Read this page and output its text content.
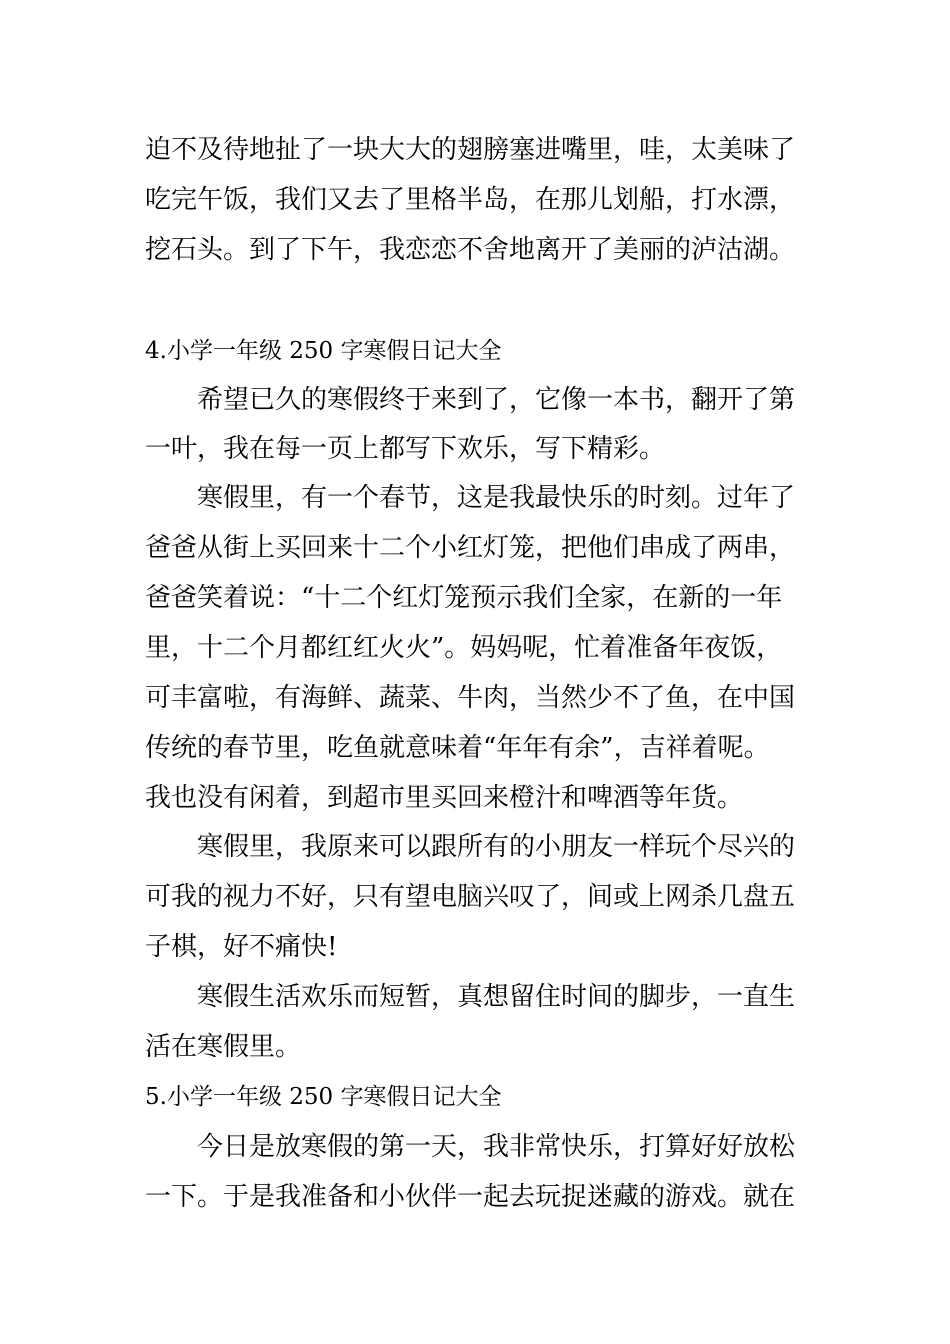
迫不及待地扯了一块大大的翅膀塞进嘴里，哇，太美味了
吃完午饭，我们又去了里格半岛，在那儿划船，打水漂，
挖石头。到了下午，我恋恋不舍地离开了美丽的泸沽湖。
4.小学一年级 250 字寒假日记大全
希望已久的寒假终于来到了，它像一本书，翻开了第
一叶，我在每一页上都写下欢乐，写下精彩。
寒假里，有一个春节，这是我最快乐的时刻。过年了
爸爸从街上买回来十二个小红灯笼，把他们串成了两串，
爸爸笑着说：“十二个红灯笼预示我们全家，在新的一年
里，十二个月都红红火火”。妈妈呢，忙着准备年夜饭，
可丰富啦，有海鲜、蔬菜、牛肉，当然少不了鱼，在中国
传统的春节里，吃鱼就意味着“年年有余”，吉祥着呢。
我也没有闲着，到超市里买回来橙汁和啤酒等年货。
寒假里，我原来可以跟所有的小朋友一样玩个尽兴的
可我的视力不好，只有望电脑兴叹了，间或上网杀几盘五
子棋，好不痛快!
寒假生活欢乐而短暂，真想留住时间的脚步，一直生
活在寒假里。
5.小学一年级 250 字寒假日记大全
今日是放寒假的第一天，我非常快乐，打算好好放松
一下。于是我准备和小伙伴一起去玩捉迷藏的游戏。就在
